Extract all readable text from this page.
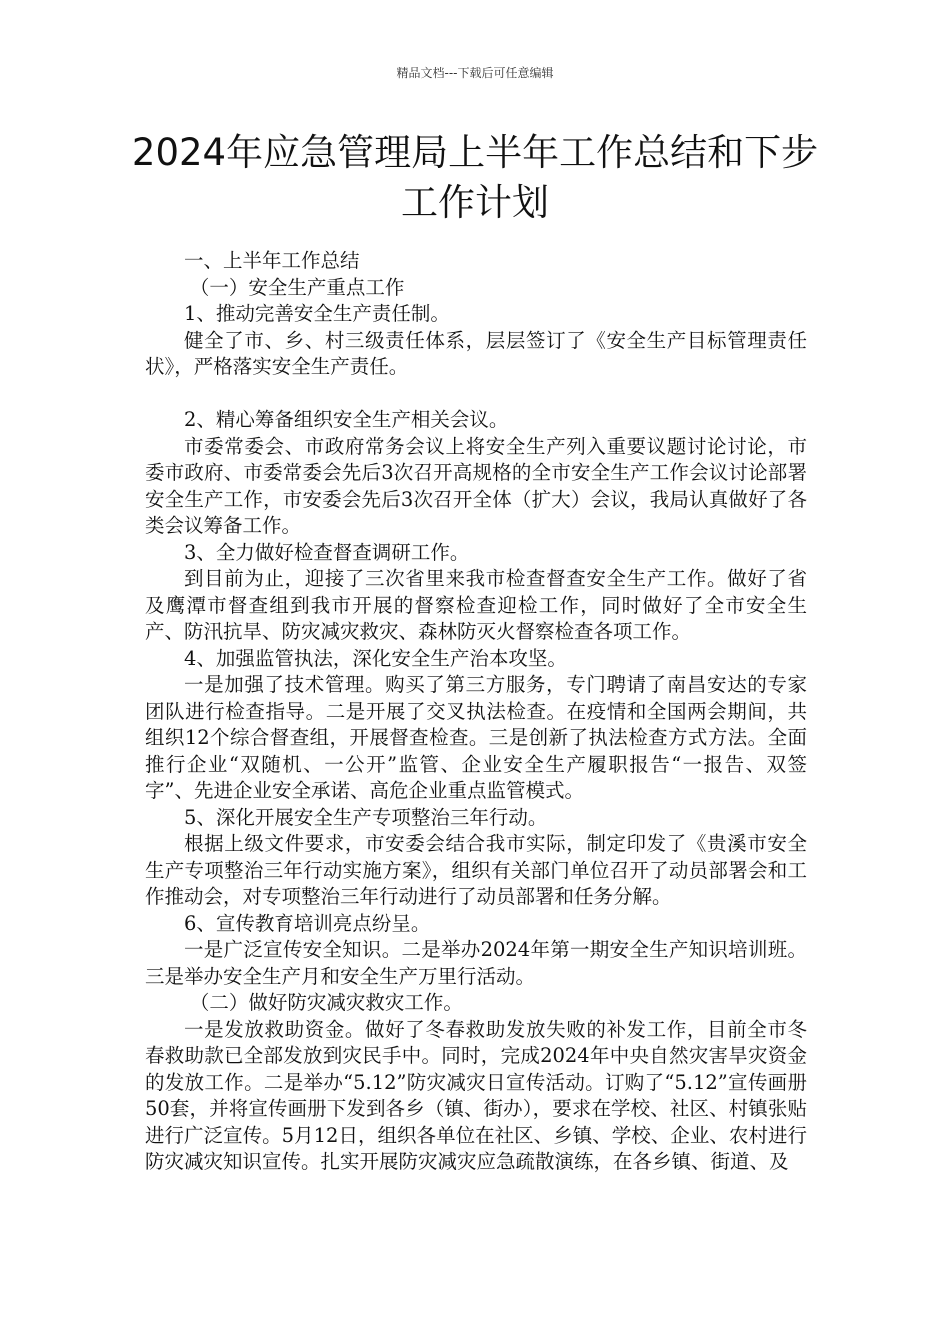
精品文档---下载后可任意编辑
2024年应急管理局上半年工作总结和下步工作计划

一、上半年工作总结

（一）安全生产重点工作

1、推动完善安全生产责任制。

健全了市、乡、村三级责任体系，层层签订了《安全生产目标管理责任状》，严格落实安全生产责任。

2、精心筹备组织安全生产相关会议。

市委常委会、市政府常务会议上将安全生产列入重要议题讨论讨论，市委市政府、市委常委会先后3次召开高规格的全市安全生产工作会议讨论部署安全生产工作，市安委会先后3次召开全体（扩大）会议，我局认真做好了各类会议筹备工作。

3、全力做好检查督查调研工作。

到目前为止，迎接了三次省里来我市检查督查安全生产工作。做好了省及鹰潭市督查组到我市开展的督察检查迎检工作，同时做好了全市安全生产、防汛抗旱、防灾减灾救灾、森林防灭火督察检查各项工作。

4、加强监管执法，深化安全生产治本攻坚。

一是加强了技术管理。购买了第三方服务，专门聘请了南昌安达的专家团队进行检查指导。二是开展了交叉执法检查。在疫情和全国两会期间，共组织12个综合督查组，开展督查检查。三是创新了执法检查方式方法。全面推行企业“双随机、一公开”监管、企业安全生产履职报告“一报告、双签字”、先进企业安全承诺、高危企业重点监管模式。

5、深化开展安全生产专项整治三年行动。

根据上级文件要求，市安委会结合我市实际，制定印发了《贵溪市安全生产专项整治三年行动实施方案》，组织有关部门单位召开了动员部署会和工作推动会，对专项整治三年行动进行了动员部署和任务分解。

6、宣传教育培训亮点纷呈。

一是广泛宣传安全知识。二是举办2024年第一期安全生产知识培训班。三是举办安全生产月和安全生产万里行活动。

（二）做好防灾减灾救灾工作。

一是发放救助资金。做好了冬春救助发放失败的补发工作，目前全市冬春救助款已全部发放到灾民手中。同时，完成2024年中央自然灾害旱灾资金的发放工作。二是举办“5.12”防灾减灾日宣传活动。订购了“5.12”宣传画册50套，并将宣传画册下发到各乡（镇、街办），要求在学校、社区、村镇张贴进行广泛宣传。5月12日，组织各单位在社区、乡镇、学校、企业、农村进行防灾减灾知识宣传。扎实开展防灾减灾应急疏散演练，在各乡镇、街道、及
